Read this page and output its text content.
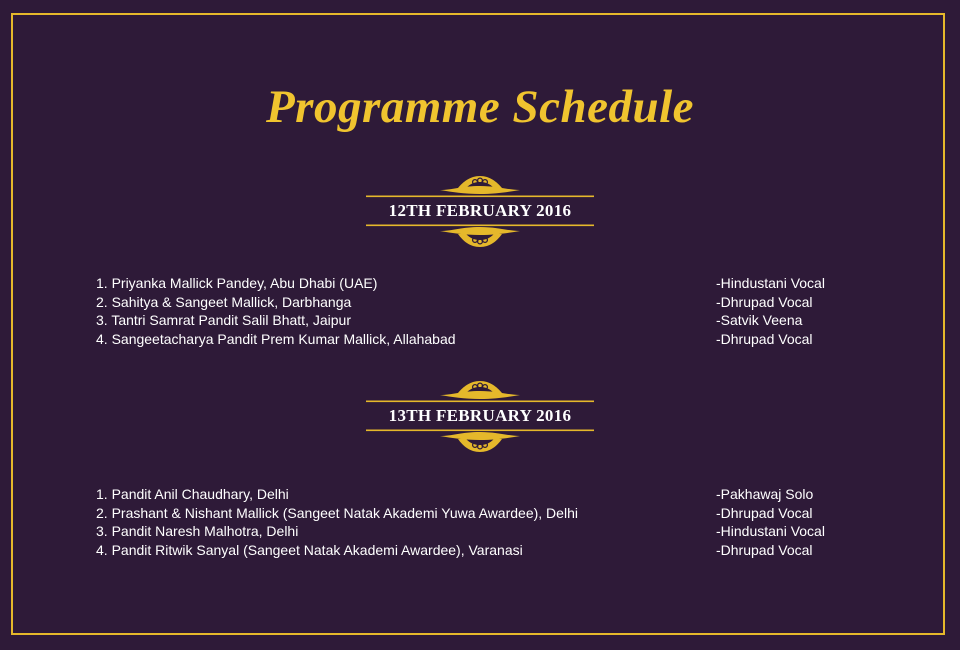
Programme Schedule
12TH FEBRUARY 2016
1. Priyanka Mallick Pandey, Abu Dhabi (UAE)	-Hindustani Vocal
2. Sahitya & Sangeet Mallick, Darbhanga	-Dhrupad Vocal
3. Tantri Samrat Pandit Salil Bhatt, Jaipur	-Satvik Veena
4. Sangeetacharya Pandit Prem Kumar Mallick, Allahabad	-Dhrupad Vocal
13TH FEBRUARY 2016
1. Pandit Anil Chaudhary, Delhi	-Pakhawaj Solo
2. Prashant & Nishant Mallick (Sangeet Natak Akademi Yuwa Awardee), Delhi	-Dhrupad Vocal
3. Pandit Naresh Malhotra, Delhi	-Hindustani Vocal
4. Pandit Ritwik Sanyal (Sangeet Natak Akademi Awardee), Varanasi	-Dhrupad Vocal
